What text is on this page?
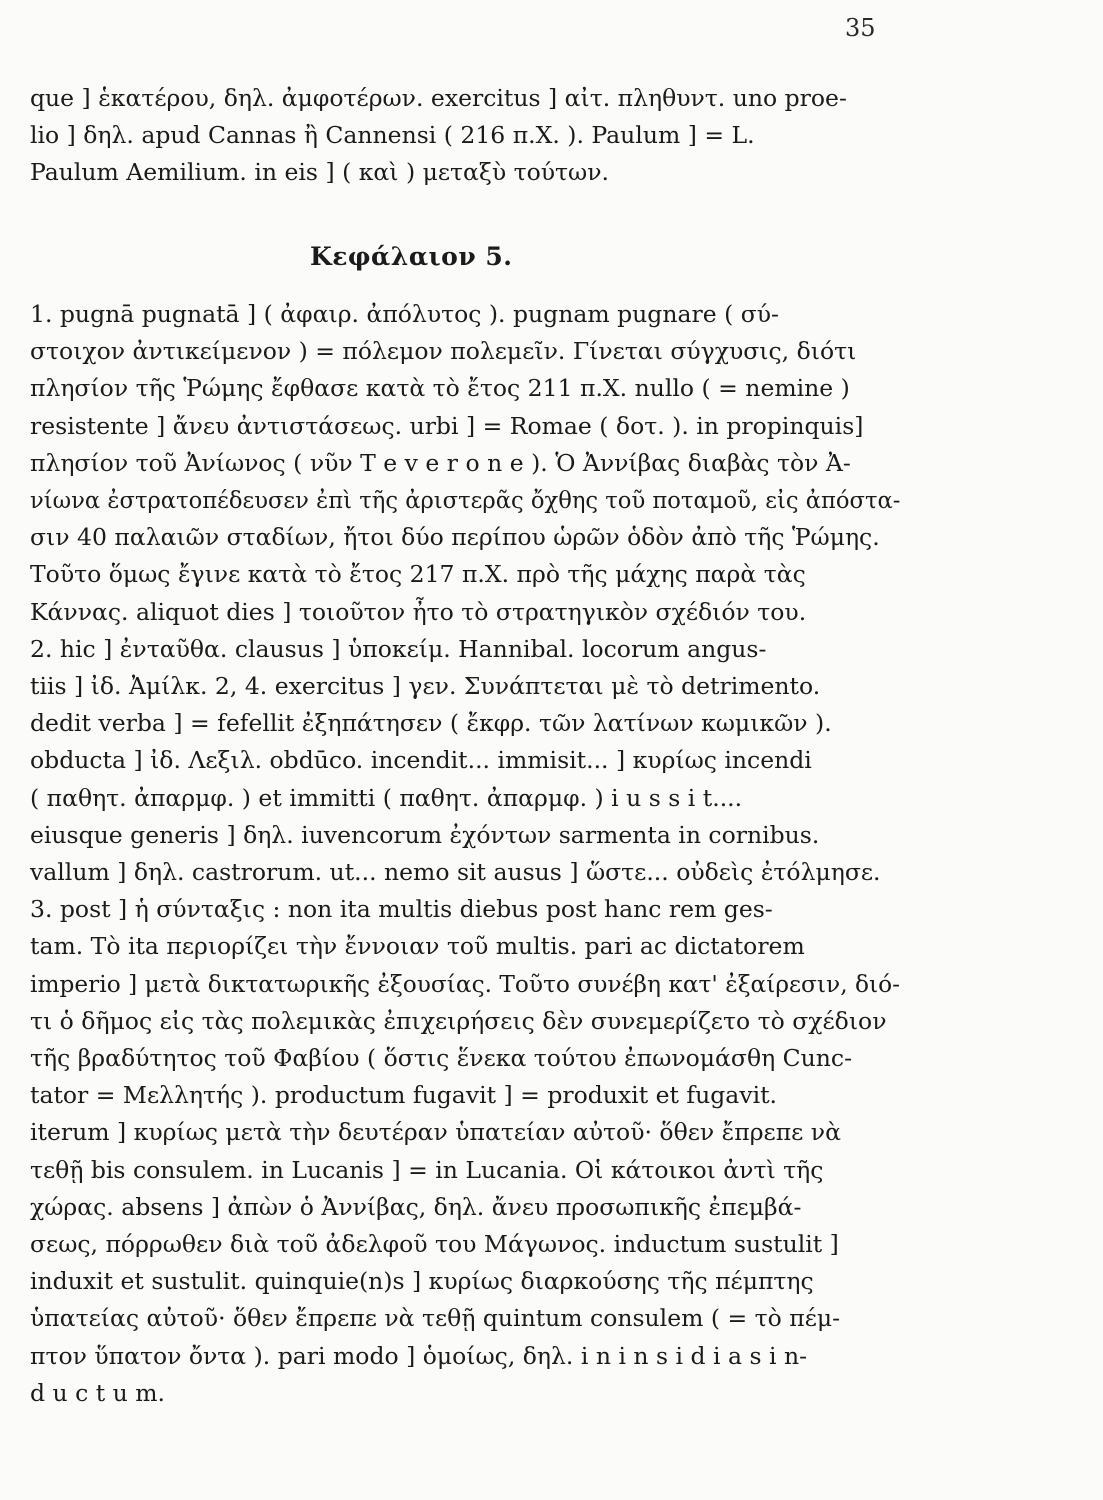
35
que ] ἑκατέρου, δηλ. ἀμφοτέρων. exercitus ] αἰτ. πληθυντ. uno proe-
lio ] δηλ. apud Cannas ἢ Cannensi ( 216 π.Χ. ). Paulum ] = L.
Paulum Aemilium. in eis ] ( καὶ ) μεταξὺ τούτων.
Κεφάλαιον 5.
1. pugnā pugnatā ] ( ἀφαιρ. ἀπόλυτος ). pugnam pugnare ( σύ-
στοιχον ἀντικείμενον ) = πόλεμον πολεμεῖν. Γίνεται σύγχυσις, διότι
πλησίον τῆς Ῥώμης ἔφθασε κατὰ τὸ ἔτος 211 π.Χ. nullo ( = nemine )
resistente ] ἄνευ ἀντιστάσεως. urbi ] = Romae ( δοτ. ). in propinquis]
πλησίον τοῦ Ἀνίωνος ( νῦν T e v e r o n e ). Ὁ Ἀννίβας διαβὰς τὸν Ἀ-
νίωνα ἐστρατοπέδευσεν ἐπὶ τῆς ἀριστερᾶς ὄχθης τοῦ ποταμοῦ, εἰς ἀπόστα-
σιν 40 παλαιῶν σταδίων, ἤτοι δύο περίπου ὡρῶν ὁδὸν ἀπὸ τῆς Ῥώμης.
Τοῦτο ὅμως ἔγινε κατὰ τὸ ἔτος 217 π.Χ. πρὸ τῆς μάχης παρὰ τὰς
Κάννας. aliquot dies ] τοιοῦτον ἦτο τὸ στρατηγικὸν σχέδιόν του.
2. hic ] ἐνταῦθα. clausus ] ὑποκείμ. Hannibal. locorum angus-
tiis ] ἰδ. Ἀμίλκ. 2, 4. exercitus ] γεν. Συνάπτεται μὲ τὸ detrimento.
dedit verba ] = fefellit ἐξηπάτησεν ( ἔκφρ. τῶν λατίνων κωμικῶν ).
obducta ] ἰδ. Λεξιλ. obdūco. incendit... immisit... ] κυρίως incendi
( παθητ. ἀπαρμφ. ) et immitti ( παθητ. ἀπαρμφ. ) i u s s i t....
eiusque generis ] δηλ. iuvencorum ἐχόντων sarmenta in cornibus.
vallum ] δηλ. castrorum. ut... nemo sit ausus ] ὥστε... οὐδεὶς ἐτόλμησε.
3. post ] ἡ σύνταξις : non ita multis diebus post hanc rem ges-
tam. Τὸ ita περιορίζει τὴν ἔννοιαν τοῦ multis. pari ac dictatorem
imperio ] μετὰ δικτατωρικῆς ἐξουσίας. Τοῦτο συνέβη κατ' ἐξαίρεσιν, διό-
τι ὁ δῆμος εἰς τὰς πολεμικὰς ἐπιχειρήσεις δὲν συνεμερίζετο τὸ σχέδιον
τῆς βραδύτητος τοῦ Φαβίου ( ὅστις ἕνεκα τούτου ἐπωνομάσθη Cunc-
tator = Μελλητής ). productum fugavit ] = produxit et fugavit.
iterum ] κυρίως μετὰ τὴν δευτέραν ὑπατείαν αὐτοῦ· ὅθεν ἔπρεπε νὰ
τεθῇ bis consulem. in Lucanis ] = in Lucania. Οἱ κάτοικοι ἀντὶ τῆς
χώρας. absens ] ἀπὼν ὁ Ἀννίβας, δηλ. ἄνευ προσωπικῆς ἐπεμβά-
σεως, πόρρωθεν διὰ τοῦ ἀδελφοῦ του Μάγωνος. inductum sustulit ]
induxit et sustulit. quinquie(n)s ] κυρίως διαρκούσης τῆς πέμπτης
ὑπατείας αὐτοῦ· ὅθεν ἔπρεπε νὰ τεθῇ quintum consulem ( = τὸ πέμ-
πτον ὕπατον ὄντα ). pari modo ] ὁμοίως, δηλ. i n i n s i d i a s i n-
d u c t u m.
